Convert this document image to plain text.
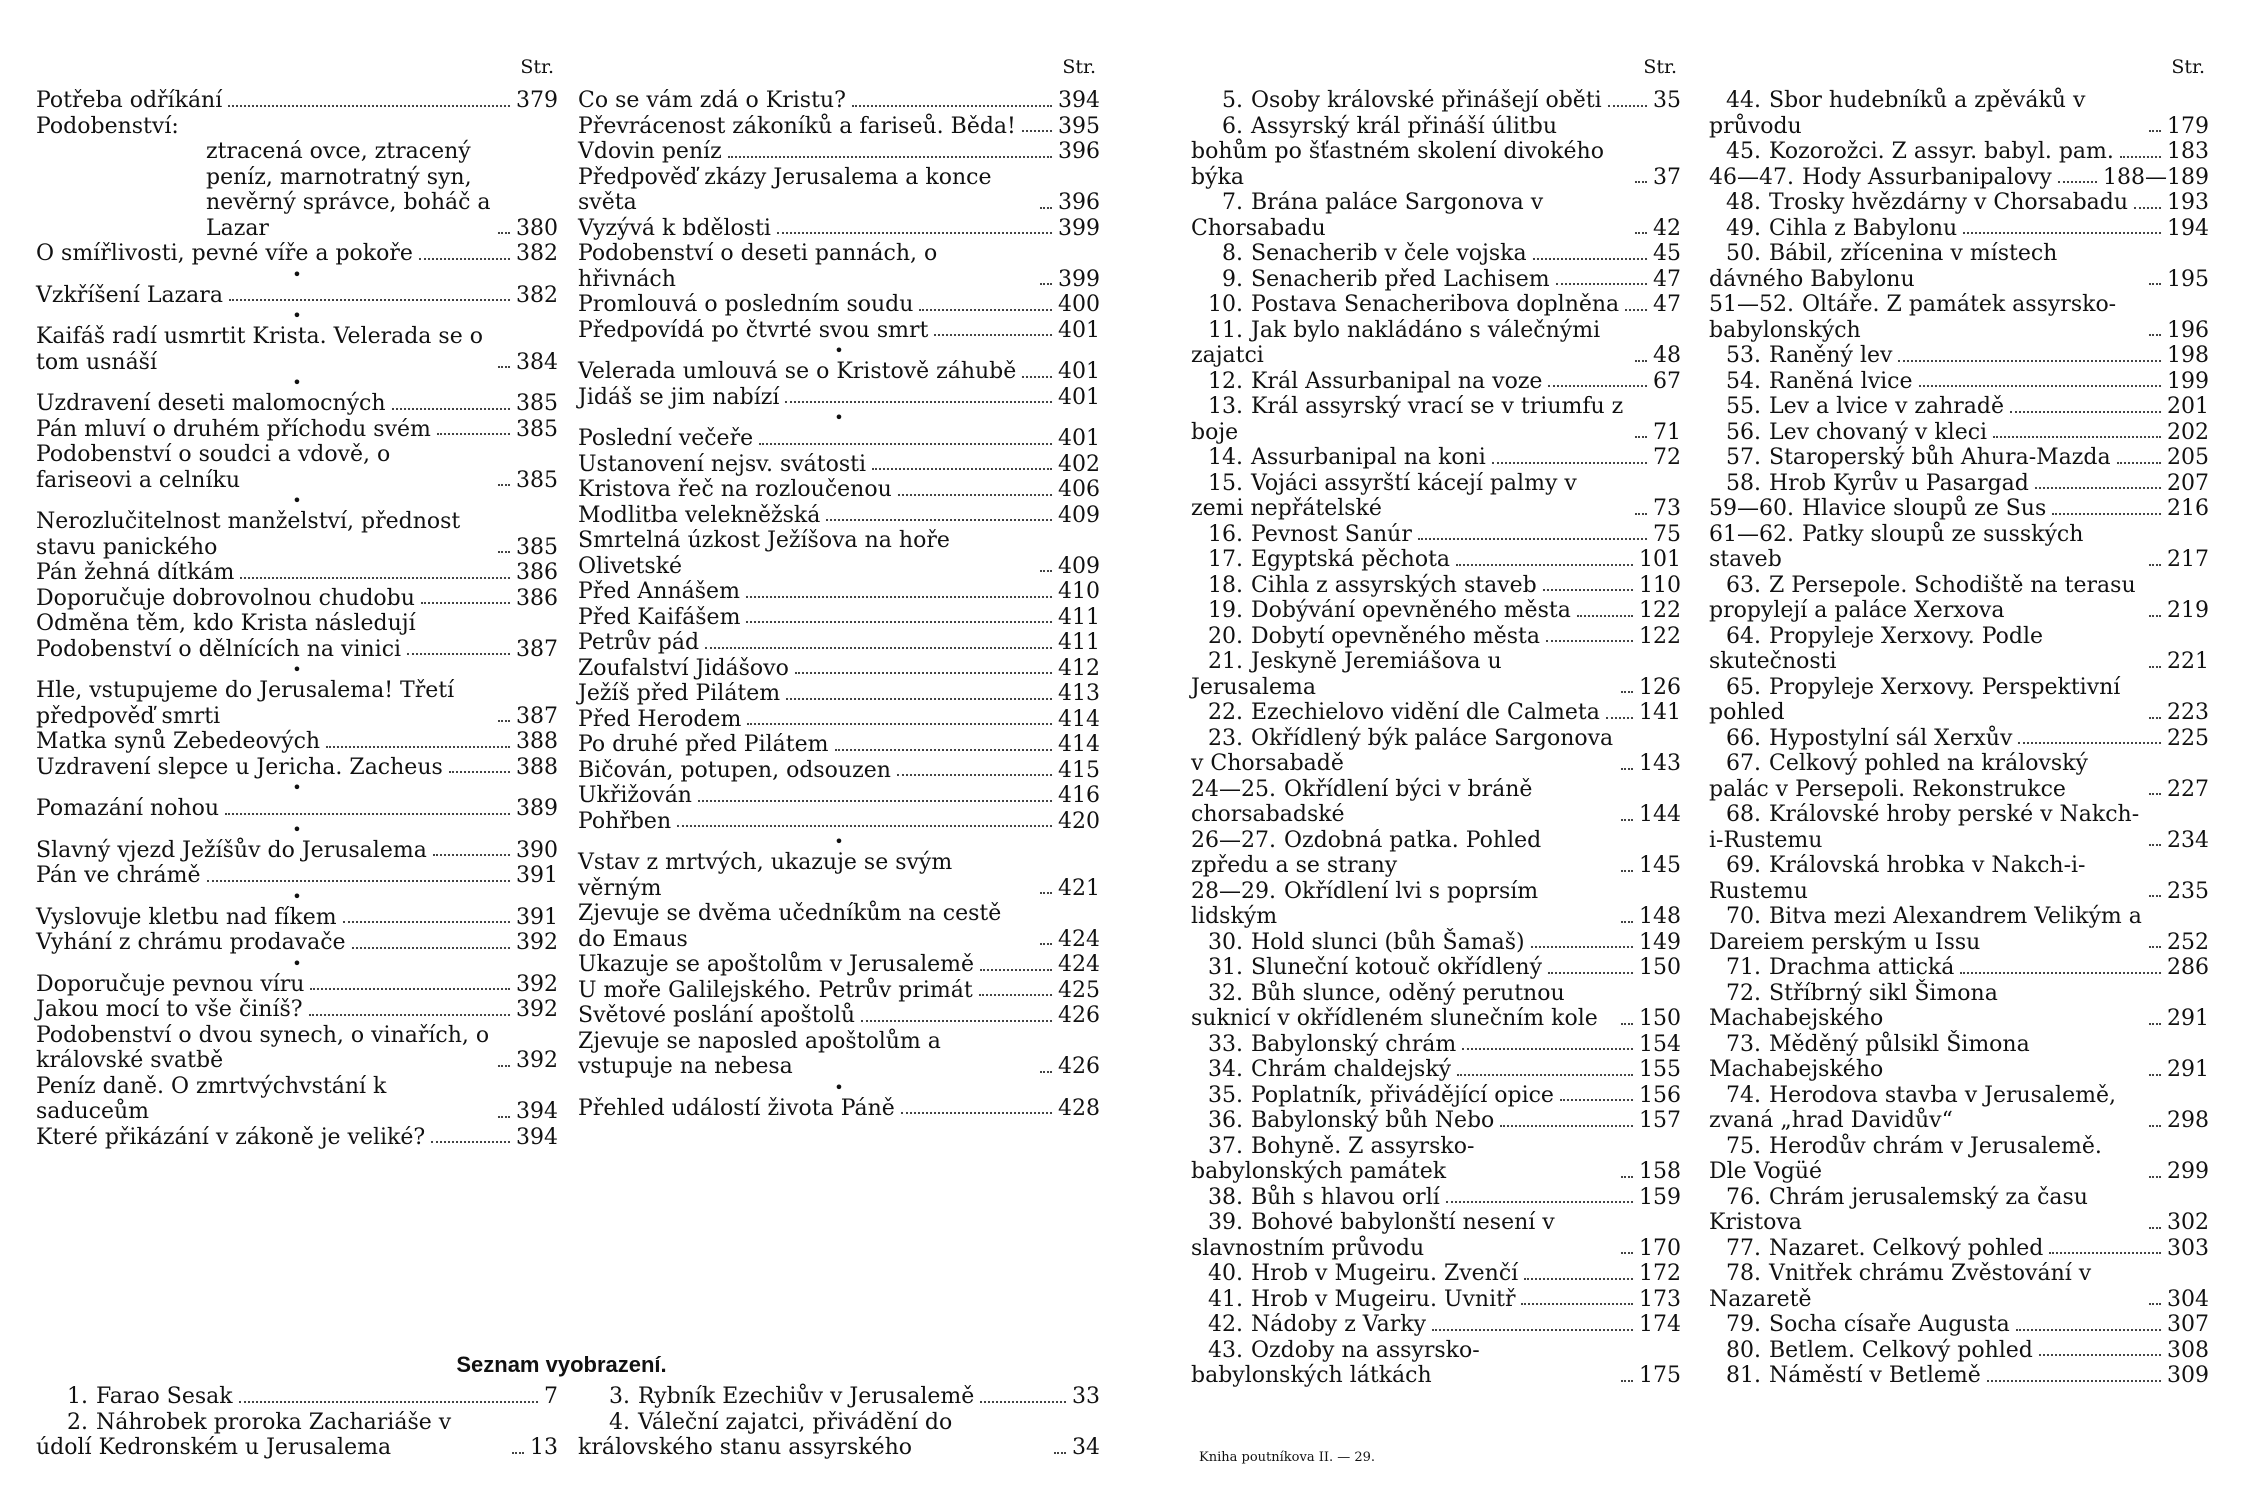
Str.
Potřeba odříkání	379
Podobenství:
ztracená ovce, ztracený peníz, marnotratný syn, nevěrný správce, boháč a Lazar	380
O smířlivosti, pevné víře a pokoře	382
•
Vzkříšení Lazara	382
•
Kaifáš radí usmrtit Krista. Velerada se o tom usnáší	384
•
Uzdravení deseti malomocných	385
Pán mluví o druhém příchodu svém	385
Podobenství o soudci a vdově, o fariseovi a celníku	385
•
Nerozlučitelnost manželství, přednost stavu panického	385
Pán žehná dítkám	386
Doporučuje dobrovolnou chudobu	386
Odměna těm, kdo Krista následují
Podobenství o dělnících na vinici	387
•
Hle, vstupujeme do Jerusalema! Třetí předpověď smrti	387
Matka synů Zebedeových	388
Uzdravení slepce u Jericha. Zacheus	388
•
Pomazání nohou	389
•
Slavný vjezd Ježíšův do Jerusalema	390
Pán ve chrámě	391
•
Vyslovuje kletbu nad fíkem	391
Vyhání z chrámu prodavače	392
•
Doporučuje pevnou víru	392
Jakou mocí to vše činíš?	392
Podobenství o dvou synech, o vinařích, o královské svatbě	392
Peníz daně. O zmrtvýchvstání k saduceům	394
Které přikázání v zákoně je veliké?	394
Str.
Co se vám zdá o Kristu?	394
Převrácenost zákoníků a fariseů. Běda! 395
Vdovin peníz	396
Předpověď zkázy Jerusalema a konce světa	396
Vyzývá k bdělosti	399
Podobenství o deseti pannách, o hřivnách	399
Promlouvá o posledním soudu	400
Předpovídá po čtvrté svou smrt	401
•
Velerada umlouvá se o Kristově záhubě 401
Jidáš se jim nabízí	401
•
Poslední večeře	401
Ustanovení nejsv. svátosti	402
Kristova řeč na rozloučenou	406
Modlitba velekněžská	409
Smrtelná úzkost Ježíšova na hoře Olivetské	409
Před Annášem	410
Před Kaifášem	411
Petrův pád	411
Zoufalství Jidášovo	412
Ježíš před Pilátem	413
Před Herodem	414
Po druhé před Pilátem	414
Bičován, potupen, odsouzen	415
Ukřižován	416
Pohřben	420
•
Vstav z mrtvých, ukazuje se svým věrným	421
Zjevuje se dvěma učedníkům na cestě do Emaus	424
Ukazuje se apoštolům v Jerusalemě	424
U moře Galilejského. Petrův primát	425
Světové poslání apoštolů	426
Zjevuje se naposled apoštolům a vstupuje na nebesa	426
•
Přehled událostí života Páně	428
Seznam vyobrazení.
1. Farao Sesak	7
2. Náhrobek proroka Zachariáše v údolí Kedronském u Jerusalema	13
3. Rybník Ezechiův v Jerusalemě	33
4. Váleční zajatci, přivádění do královského stanu assyrského	34
Str.
5. Osoby královské přinášejí oběti 35
6. Assyrský král přináší úlitbu bohům po šťastném skolení divokého býka	37
7. Brána paláce Sargonova v Chorsabadu	42
8. Senacherib v čele vojska	45
9. Senacherib před Lachisem	47
10. Postava Senacheribova doplněna 47
11. Jak bylo nakládáno s válečnými zajatci	48
12. Král Assurbanipal na voze	67
13. Král assyrský vrací se v triumfu z boje	71
14. Assurbanipal na koni	72
15. Vojáci assyrští kácejí palmy v zemi nepřátelské	73
16. Pevnost Sanúr	75
17. Egyptská pěchota	101
18. Cihla z assyrských staveb	110
19. Dobývání opevněného města	122
20. Dobytí opevněného města	122
21. Jeskyně Jeremiášova u Jerusalema	126
22. Ezechielovo vidění dle Calmeta 141
23. Okřídlený býk paláce Sargonova v Chorsabadě	143
24—25. Okřídlení býci v bráně chorsabadské	144
26—27. Ozdobná patka. Pohled zpředu a se strany	145
28—29. Okřídlení lvi s poprsím lidským	148
30. Hold slunci (bůh Šamaš)	149
31. Sluneční kotouč okřídlený	150
32. Bůh slunce, oděný perutnou suknicí v okřídleném slunečním kole	150
33. Babylonský chrám	154
34. Chrám chaldejský	155
35. Poplatník, přivádějící opice	156
36. Babylonský bůh Nebo	157
37. Bohyně. Z assyrsko-babylonských památek	158
38. Bůh s hlavou orlí	159
39. Bohové babylonští nesení v slavnostním průvodu	170
40. Hrob v Mugeiru. Zvenčí	172
41. Hrob v Mugeiru. Uvnitř	173
42. Nádoby z Varky	174
43. Ozdoby na assyrsko-babylonských látkách	175
Str.
44. Sbor hudebníků a zpěváků v průvodu	179
45. Kozorožci. Z assyr. babyl. pam. 183
46—47. Hody Assurbanipalovy 188—189
48. Trosky hvězdárny v Chorsabadu 193
49. Cihla z Babylonu	194
50. Bábil, zřícenina v místech dávného Babylonu	195
51—52. Oltáře. Z památek assyrsko-babylonských	196
53. Raněný lev	198
54. Raněná lvice	199
55. Lev a lvice v zahradě	201
56. Lev chovaný v kleci	202
57. Staroperský bůh Ahura-Mazda	205
58. Hrob Kyrův u Pasargad	207
59—60. Hlavice sloupů ze Sus	216
61—62. Patky sloupů ze susských staveb	217
63. Z Persepole. Schodiště na terasu propylejí a paláce Xerxova	219
64. Propyleje Xerxovy. Podle skutečnosti	221
65. Propyleje Xerxovy. Perspektivní pohled	223
66. Hypostylní sál Xerxův	225
67. Celkový pohled na královský palác v Persepoli. Rekonstrukce	227
68. Královské hroby perské v Nakch-i-Rustemu	234
69. Královská hrobka v Nakch-i-Rustemu	235
70. Bitva mezi Alexandrem Velikým a Dareiem perským u Issu	252
71. Drachma attická	286
72. Stříbrný sikl Šimona Machabejského	291
73. Měděný půlsikl Šimona Machabejského	291
74. Herodova stavba v Jerusalemě, zvaná „hrad Davidův“	298
75. Herodův chrám v Jerusalemě. Dle Vogüé	299
76. Chrám jerusalemský za času Kristova	302
77. Nazaret. Celkový pohled	303
78. Vnitřek chrámu Zvěstování v Nazaretě	304
79. Socha císaře Augusta	307
80. Betlem. Celkový pohled	308
81. Náměstí v Betlemě	309
Kniha poutníkova II. — 29.
